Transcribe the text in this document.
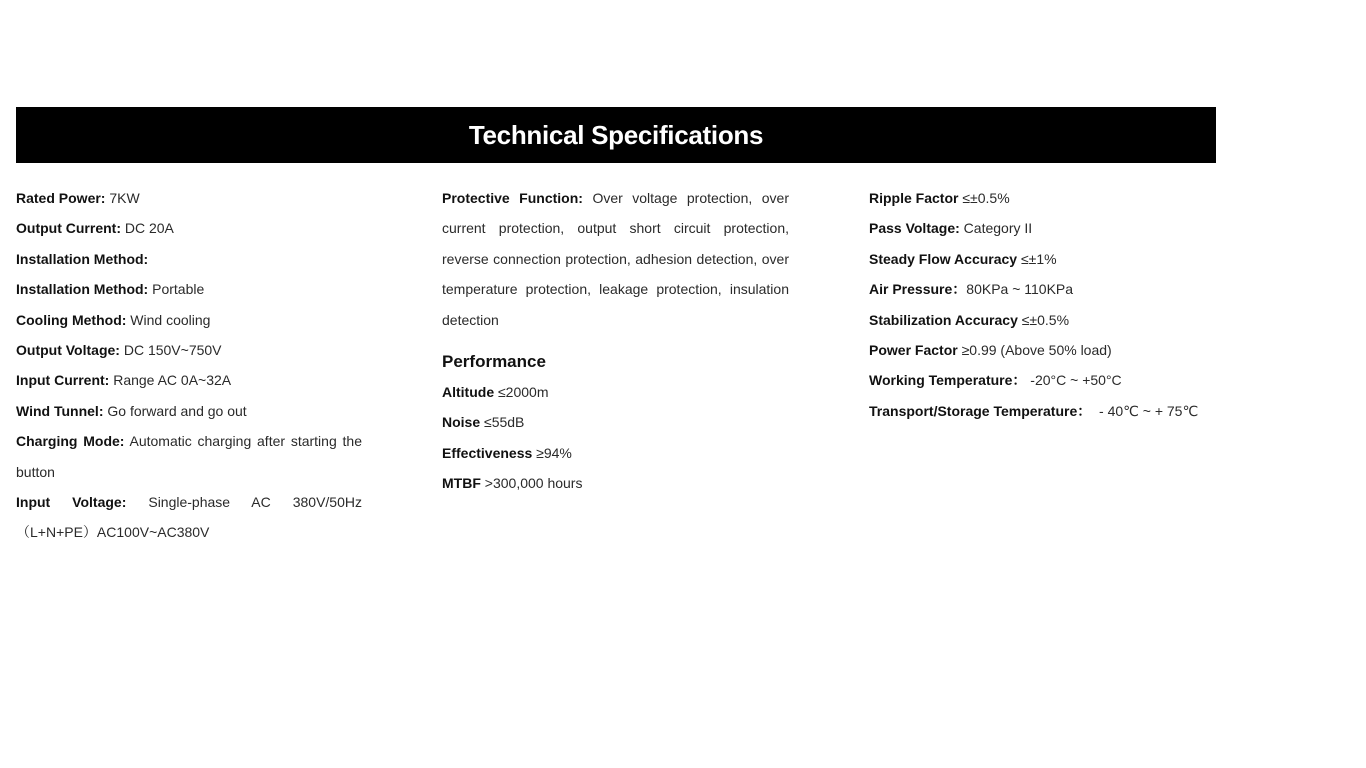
Technical Specifications

Rated Power: 7KW

Output Current: DC 20A

Installation Method:

Installation Method: Portable

Cooling Method: Wind cooling

Output Voltage: DC 150V~750V

Input Current: Range AC 0A~32A

Wind Tunnel: Go forward and go out

Charging Mode: Automatic charging after starting the button

Input Voltage: Single-phase AC 380V/50Hz （L+N+PE）AC100V~AC380V

Protective Function: Over voltage protection, over current protection, output short circuit protection, reverse connection protection, adhesion detection, over temperature protection, leakage protection, insulation detection

Performance

Altitude ≤2000m

Noise ≤55dB

Effectiveness ≥94%

MTBF >300,000 hours

Ripple Factor ≤±0.5%

Pass Voltage: Category II

Steady Flow Accuracy ≤±1%

Air Pressure：80KPa ~ 110KPa

Stabilization Accuracy ≤±0.5%

Power Factor ≥0.99 (Above 50% load)

Working Temperature： -20°C ~ +50°C

Transport/Storage Temperature：  - 40℃ ~ + 75℃
